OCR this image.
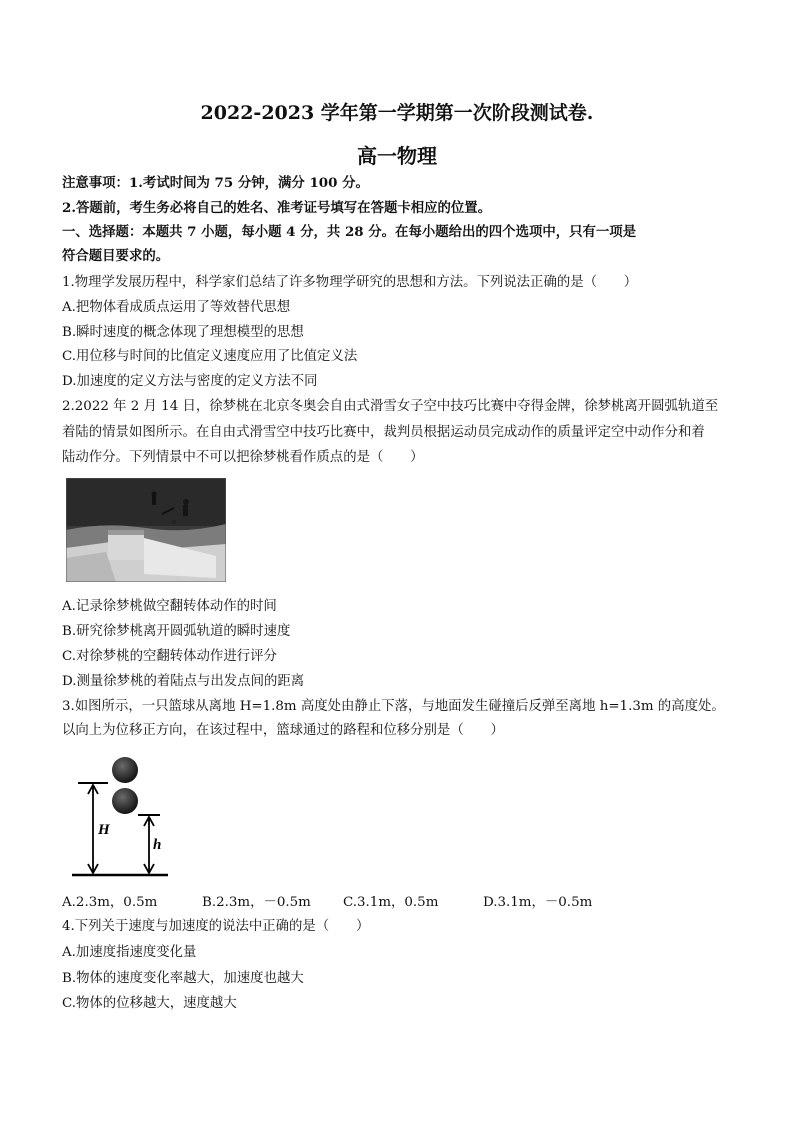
2022-2023 学年第一学期第一次阶段测试卷.
高一物理
注意事项：1.考试时间为 75 分钟，满分 100 分。
2.答题前，考生务必将自己的姓名、准考证号填写在答题卡相应的位置。
一、选择题：本题共 7 小题，每小题 4 分，共 28 分。在每小题给出的四个选项中，只有一项是
符合题目要求的。
1.物理学发展历程中，科学家们总结了许多物理学研究的思想和方法。下列说法正确的是（　　）
A.把物体看成质点运用了等效替代思想
B.瞬时速度的概念体现了理想模型的思想
C.用位移与时间的比值定义速度应用了比值定义法
D.加速度的定义方法与密度的定义方法不同
2.2022 年 2 月 14 日，徐梦桃在北京冬奥会自由式滑雪女子空中技巧比赛中夺得金牌，徐梦桃离开圆弧轨道至
着陆的情景如图所示。在自由式滑雪空中技巧比赛中，裁判员根据运动员完成动作的质量评定空中动作分和着
陆动作分。下列情景中不可以把徐梦桃看作质点的是（　　）
A.记录徐梦桃做空翻转体动作的时间
B.研究徐梦桃离开圆弧轨道的瞬时速度
C.对徐梦桃的空翻转体动作进行评分
D.测量徐梦桃的着陆点与出发点间的距离
3.如图所示，一只篮球从离地 H=1.8m 高度处由静止下落，与地面发生碰撞后反弹至离地 h=1.3m 的高度处。
以向上为位移正方向，在该过程中，篮球通过的路程和位移分别是（　　）
H
h
A.2.3m，0.5m	B.2.3m，－0.5m C.3.1m，0.5m	D.3.1m，－0.5m
4.下列关于速度与加速度的说法中正确的是（　　）
A.加速度指速度变化量
B.物体的速度变化率越大，加速度也越大
C.物体的位移越大，速度越大
